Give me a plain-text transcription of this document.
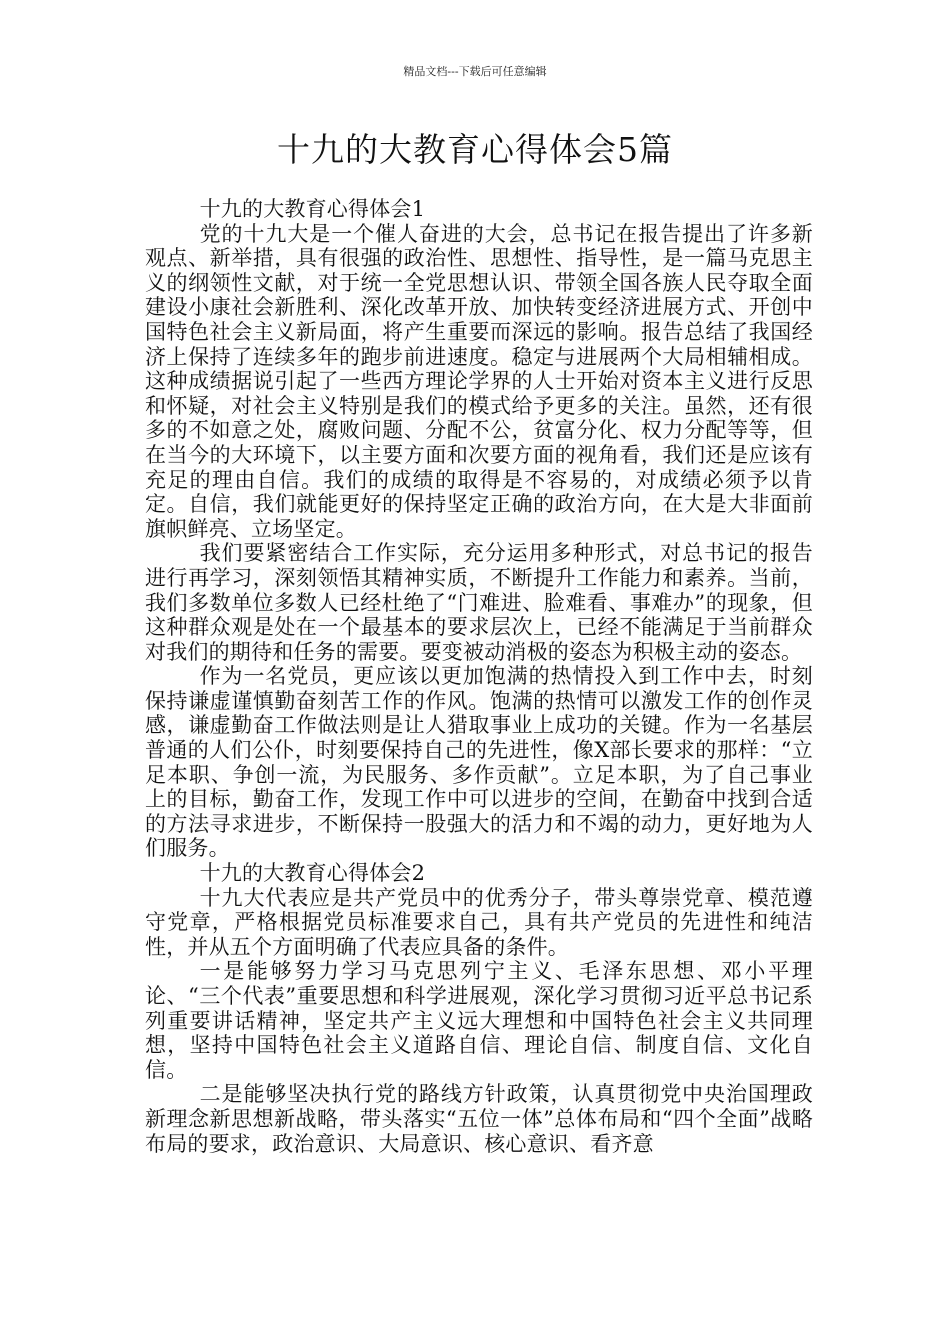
精品文档---下载后可任意编辑
十九的大教育心得体会5篇

十九的大教育心得体会1

党的十九大是一个催人奋进的大会，总书记在报告提出了许多新观点、新举措，具有很强的政治性、思想性、指导性，是一篇马克思主义的纲领性文献，对于统一全党思想认识、带领全国各族人民夺取全面建设小康社会新胜利、深化改革开放、加快转变经济进展方式、开创中国特色社会主义新局面，将产生重要而深远的影响。报告总结了我国经济上保持了连续多年的跑步前进速度。稳定与进展两个大局相辅相成。这种成绩据说引起了一些西方理论学界的人士开始对资本主义进行反思和怀疑，对社会主义特别是我们的模式给予更多的关注。虽然，还有很多的不如意之处，腐败问题、分配不公，贫富分化、权力分配等等，但在当今的大环境下，以主要方面和次要方面的视角看，我们还是应该有充足的理由自信。我们的成绩的取得是不容易的，对成绩必须予以肯定。自信，我们就能更好的保持坚定正确的政治方向，在大是大非面前旗帜鲜亮、立场坚定。

我们要紧密结合工作实际，充分运用多种形式，对总书记的报告进行再学习，深刻领悟其精神实质，不断提升工作能力和素养。当前，我们多数单位多数人已经杜绝了“门难进、脸难看、事难办”的现象，但这种群众观是处在一个最基本的要求层次上，已经不能满足于当前群众对我们的期待和任务的需要。要变被动消极的姿态为积极主动的姿态。

作为一名党员，更应该以更加饱满的热情投入到工作中去，时刻保持谦虚谨慎勤奋刻苦工作的作风。饱满的热情可以激发工作的创作灵感，谦虚勤奋工作做法则是让人猎取事业上成功的关键。作为一名基层普通的人们公仆，时刻要保持自己的先进性，像X部长要求的那样：“立足本职、争创一流，为民服务、多作贡献”。立足本职，为了自己事业上的目标，勤奋工作，发现工作中可以进步的空间，在勤奋中找到合适的方法寻求进步，不断保持一股强大的活力和不竭的动力，更好地为人们服务。

十九的大教育心得体会2

十九大代表应是共产党员中的优秀分子，带头尊崇党章、模范遵守党章，严格根据党员标准要求自己，具有共产党员的先进性和纯洁性，并从五个方面明确了代表应具备的条件。

一是能够努力学习马克思列宁主义、毛泽东思想、邓小平理论、“三个代表”重要思想和科学进展观，深化学习贯彻习近平总书记系列重要讲话精神，坚定共产主义远大理想和中国特色社会主义共同理想，坚持中国特色社会主义道路自信、理论自信、制度自信、文化自信。

二是能够坚决执行党的路线方针政策，认真贯彻党中央治国理政新理念新思想新战略，带头落实“五位一体”总体布局和“四个全面”战略布局的要求，政治意识、大局意识、核心意识、看齐意
